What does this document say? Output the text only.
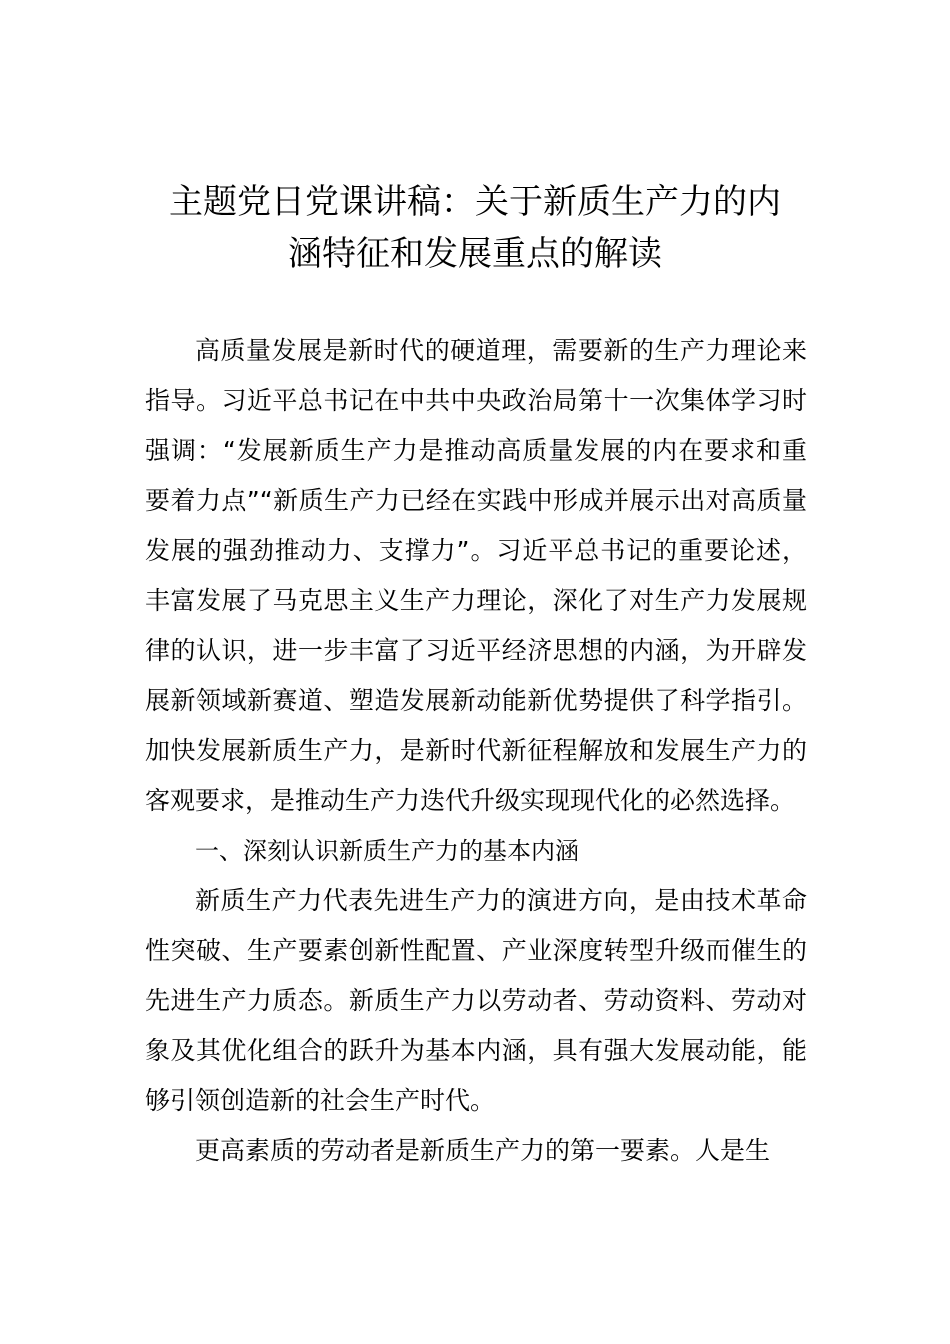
主题党日党课讲稿：关于新质生产力的内
涵特征和发展重点的解读

高质量发展是新时代的硬道理，需要新的生产力理论来指导。习近平总书记在中共中央政治局第十一次集体学习时强调：“发展新质生产力是推动高质量发展的内在要求和重要着力点”“新质生产力已经在实践中形成并展示出对高质量发展的强劲推动力、支撑力”。习近平总书记的重要论述，丰富发展了马克思主义生产力理论，深化了对生产力发展规律的认识，进一步丰富了习近平经济思想的内涵，为开辟发展新领域新赛道、塑造发展新动能新优势提供了科学指引。加快发展新质生产力，是新时代新征程解放和发展生产力的客观要求，是推动生产力迭代升级实现现代化的必然选择。

一、深刻认识新质生产力的基本内涵

新质生产力代表先进生产力的演进方向，是由技术革命性突破、生产要素创新性配置、产业深度转型升级而催生的先进生产力质态。新质生产力以劳动者、劳动资料、劳动对象及其优化组合的跃升为基本内涵，具有强大发展动能，能够引领创造新的社会生产时代。

更高素质的劳动者是新质生产力的第一要素。人是生
